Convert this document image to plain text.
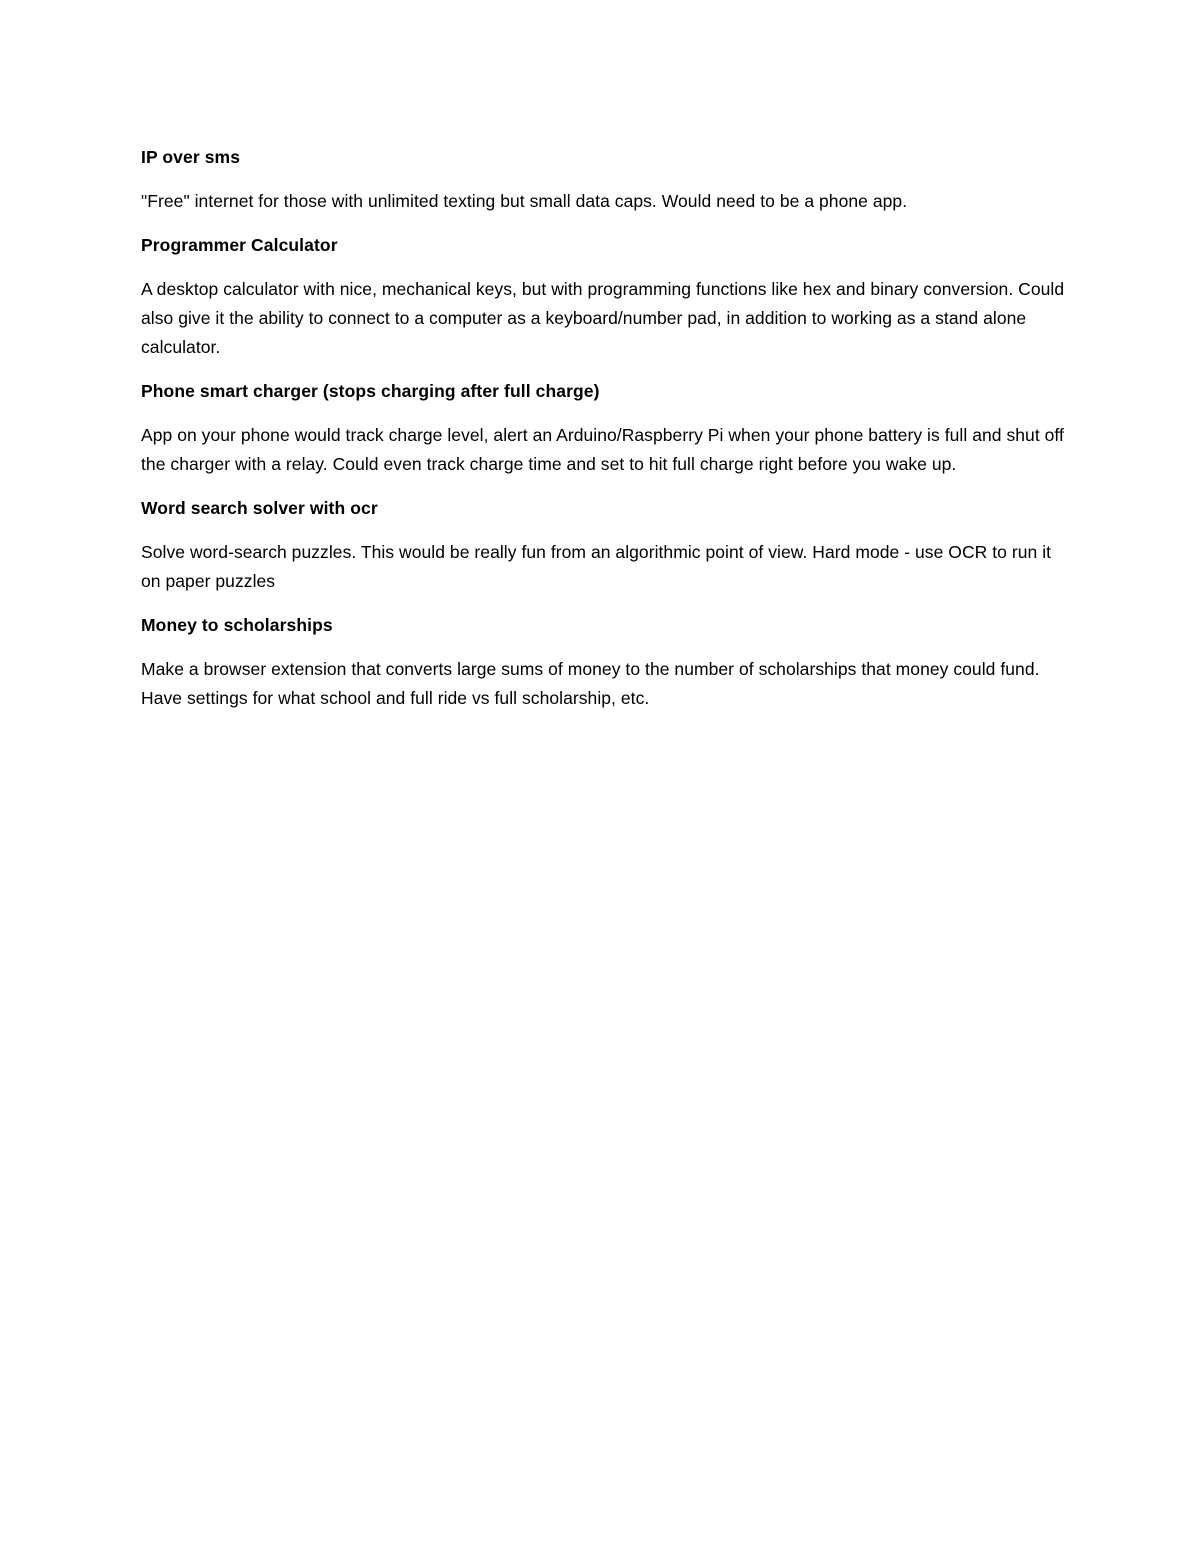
IP over sms

"Free" internet for those with unlimited texting but small data caps. Would need to be a phone app.

Programmer Calculator

A desktop calculator with nice, mechanical keys, but with programming functions like hex and binary conversion. Could also give it the ability to connect to a computer as a keyboard/number pad, in addition to working as a stand alone calculator.

Phone smart charger (stops charging after full charge)

App on your phone would track charge level, alert an Arduino/Raspberry Pi when your phone battery is full and shut off the charger with a relay. Could even track charge time and set to hit full charge right before you wake up.

Word search solver with ocr

Solve word-search puzzles. This would be really fun from an algorithmic point of view. Hard mode - use OCR to run it on paper puzzles

Money to scholarships

Make a browser extension that converts large sums of money to the number of scholarships that money could fund. Have settings for what school and full ride vs full scholarship, etc.
